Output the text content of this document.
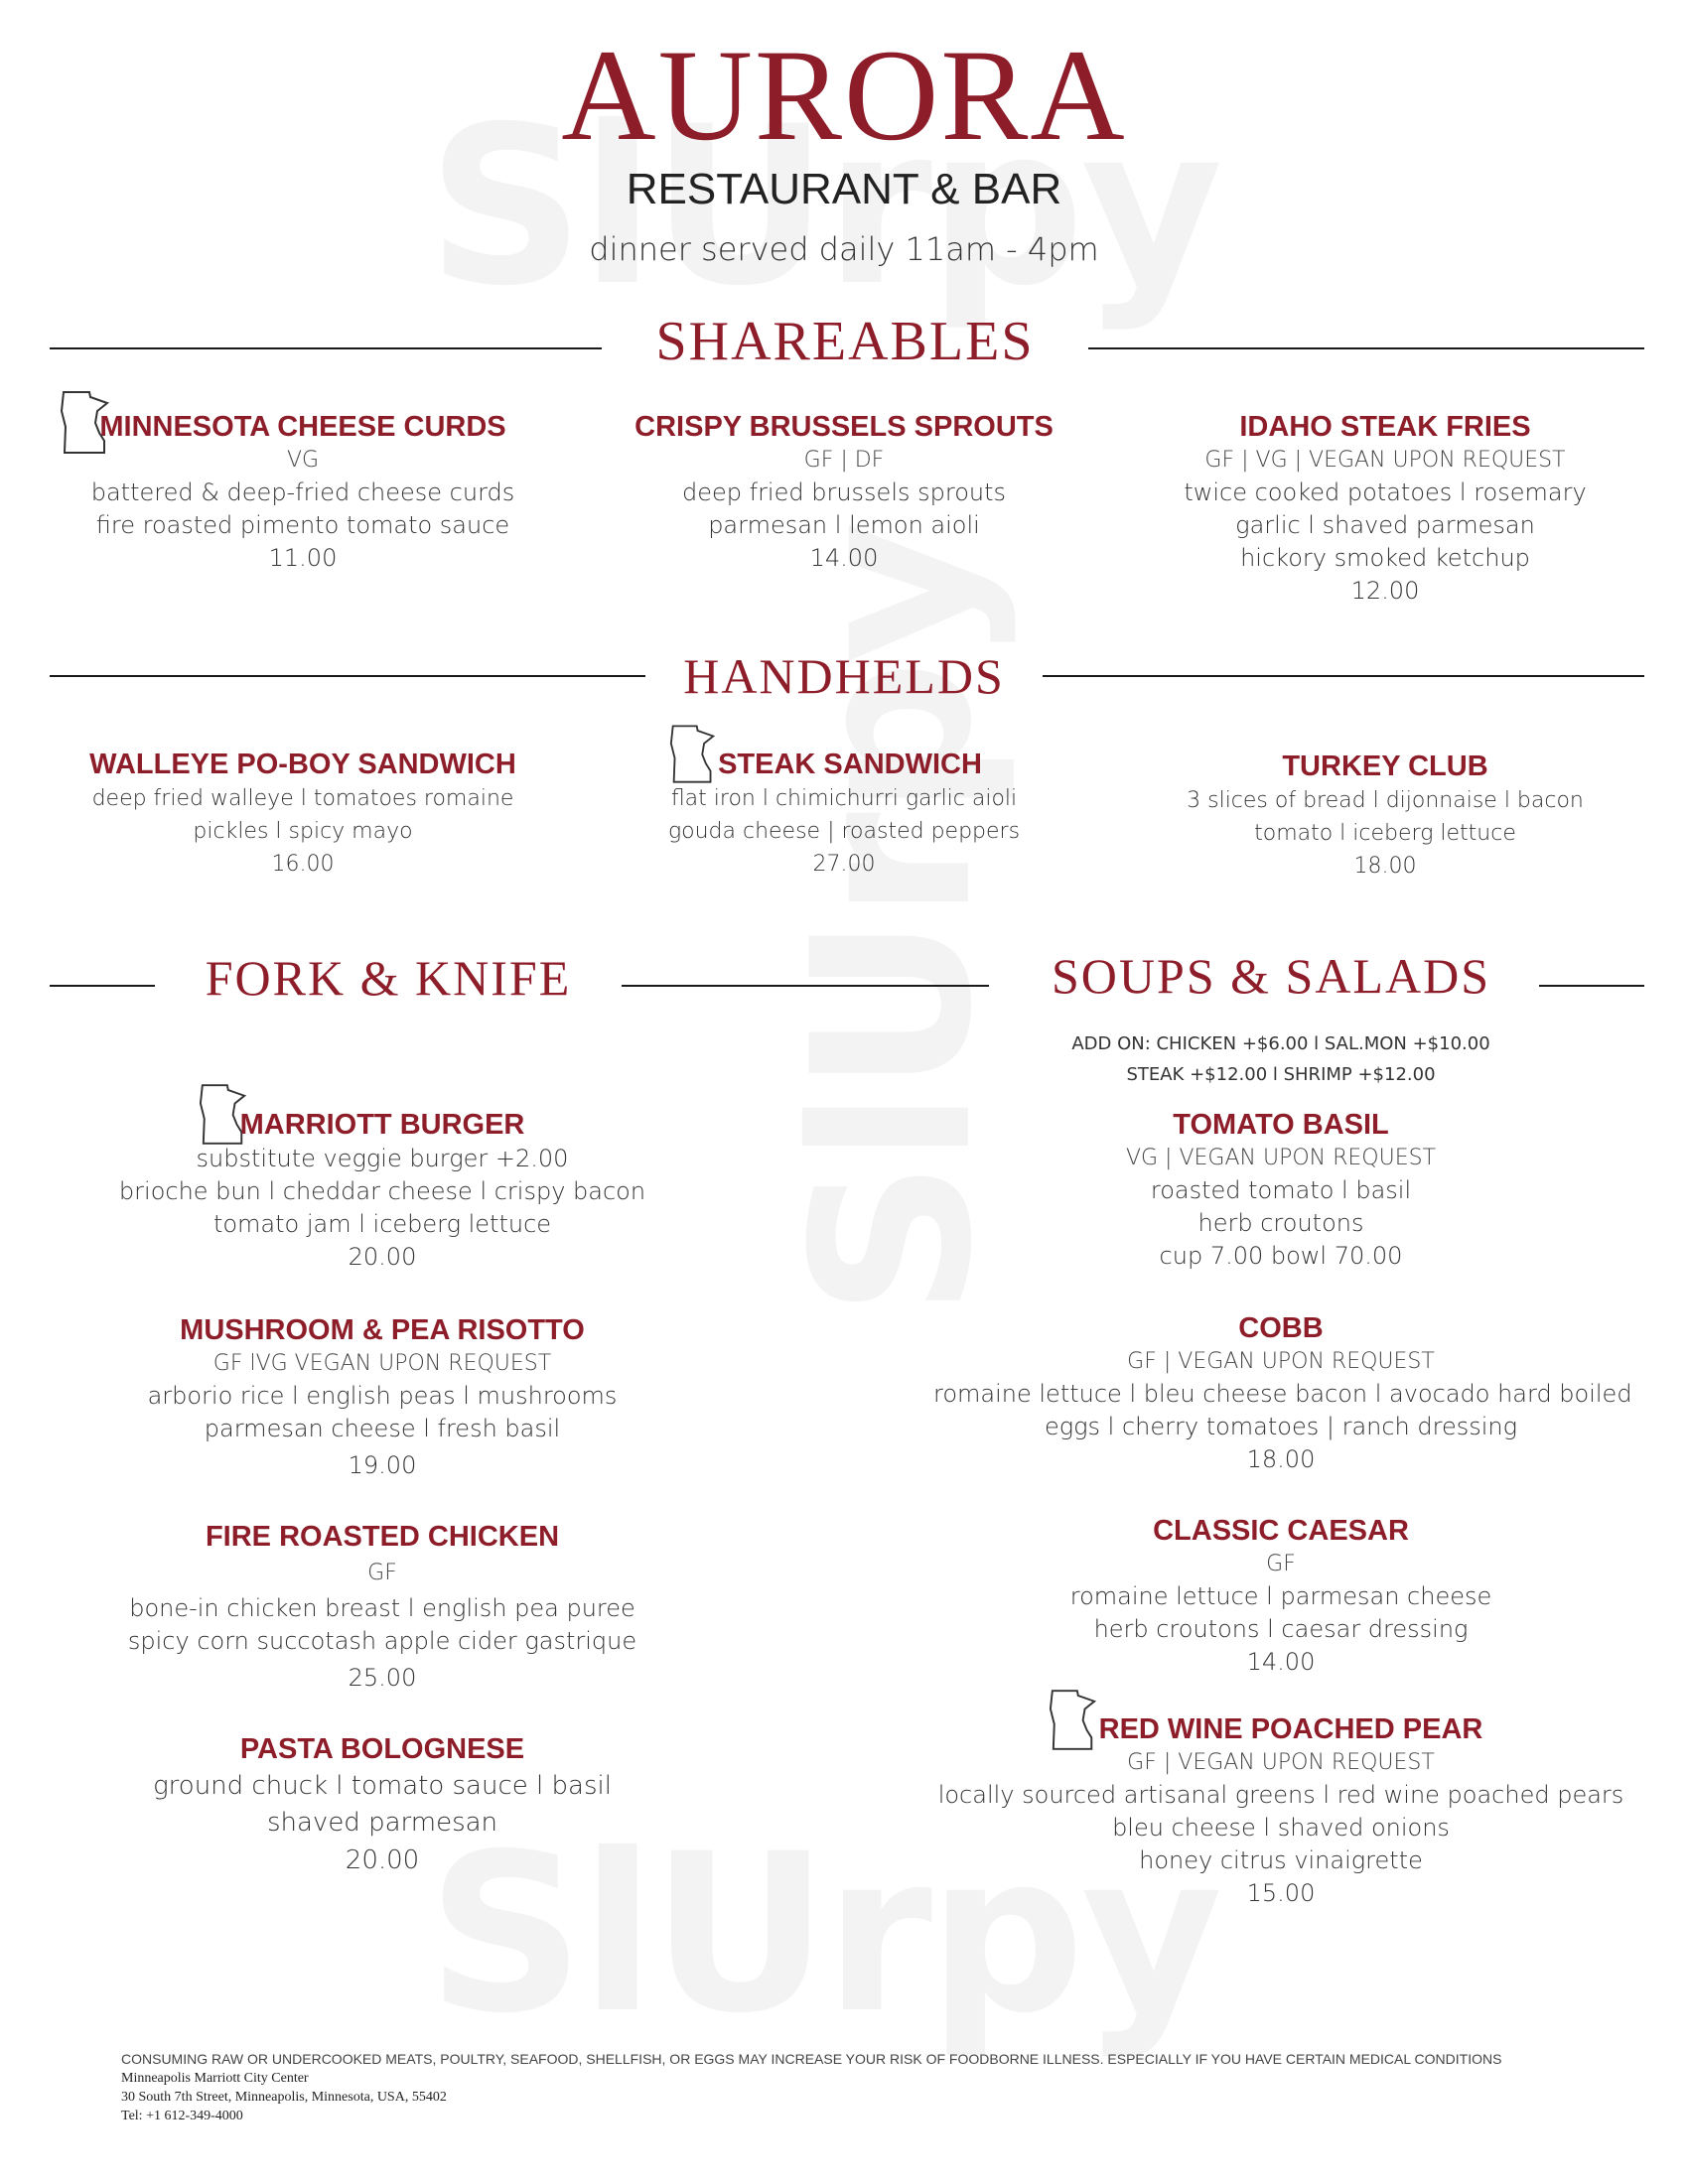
AURORA
RESTAURANT & BAR
dinner served daily 11am - 4pm
SHAREABLES
MINNESOTA CHEESE CURDS
VG
battered & deep-fried cheese curds
fire roasted pimento tomato sauce
11.00
CRISPY BRUSSELS SPROUTS
GF | DF
deep fried brussels sprouts
parmesan l lemon aioli
14.00
IDAHO STEAK FRIES
GF | VG | VEGAN UPON REQUEST
twice cooked potatoes l rosemary
garlic l shaved parmesan
hickory smoked ketchup
12.00
HANDHELDS
WALLEYE PO-BOY SANDWICH
deep fried walleye l tomatoes romaine
pickles l spicy mayo
16.00
STEAK SANDWICH
flat iron l chimichurri garlic aioli
gouda cheese | roasted peppers
27.00
TURKEY CLUB
3 slices of bread l dijonnaise l bacon
tomato l iceberg lettuce
18.00
FORK & KNIFE	SOUPS & SALADS
ADD ON: CHICKEN +$6.00 l SAL.MON +$10.00
STEAK +$12.00 l SHRIMP +$12.00
MARRIOTT BURGER
substitute veggie burger +2.00
brioche bun l cheddar cheese l crispy bacon
tomato jam l iceberg lettuce
20.00
MUSHROOM & PEA RISOTTO
GF lVG VEGAN UPON REQUEST
arborio rice l english peas l mushrooms
parmesan cheese l fresh basil
19.00
FIRE ROASTED CHICKEN
GF
bone-in chicken breast l english pea puree
spicy corn succotash apple cider gastrique
25.00
PASTA BOLOGNESE
ground chuck l tomato sauce l basil
shaved parmesan
20.00
TOMATO BASIL
VG | VEGAN UPON REQUEST
roasted tomato l basil
herb croutons
cup 7.00 bowl 70.00
COBB
GF | VEGAN UPON REQUEST
romaine lettuce l bleu cheese bacon l avocado hard boiled
eggs l cherry tomatoes | ranch dressing
18.00
CLASSIC CAESAR
GF
romaine lettuce l parmesan cheese
herb croutons l caesar dressing
14.00
RED WINE POACHED PEAR
GF | VEGAN UPON REQUEST
locally sourced artisanal greens l red wine poached pears
bleu cheese l shaved onions
honey citrus vinaigrette
15.00
CONSUMING RAW OR UNDERCOOKED MEATS, POULTRY, SEAFOOD, SHELLFISH, OR EGGS MAY INCREASE YOUR RISK OF FOODBORNE ILLNESS. ESPECIALLY IF YOU HAVE CERTAIN MEDICAL CONDITIONS
Minneapolis Marriott City Center
30 South 7th Street, Minneapolis, Minnesota, USA, 55402
Tel: +1 612-349-4000
